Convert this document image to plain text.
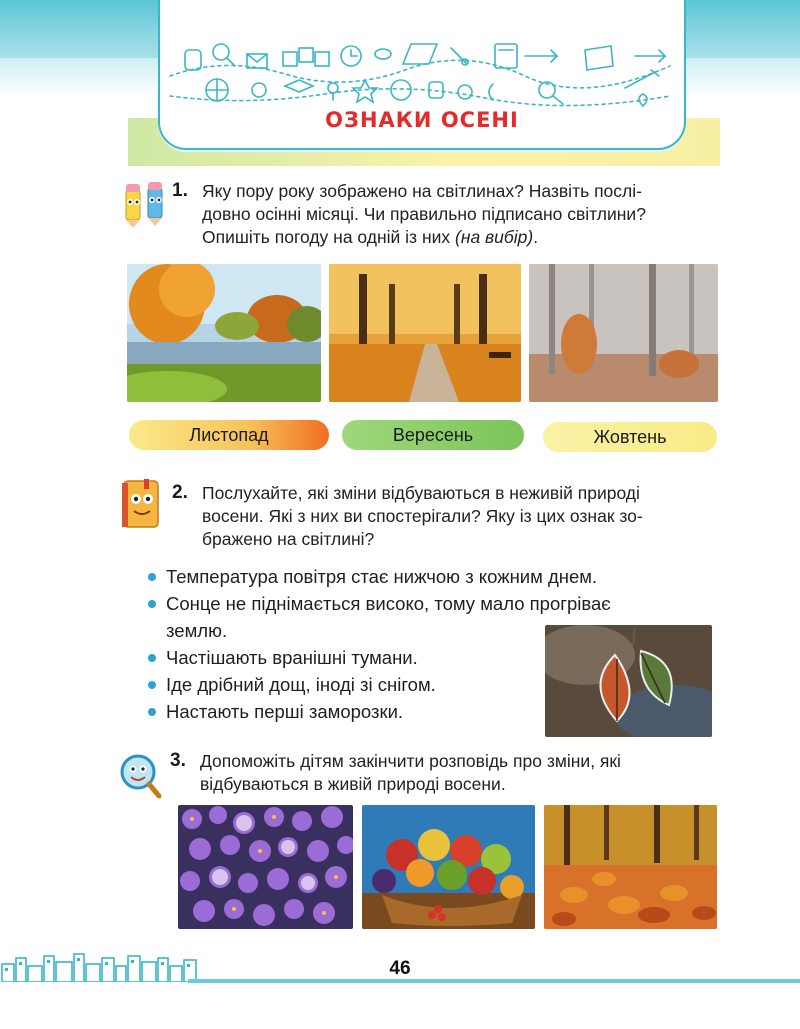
ОЗНАКИ ОСЕНІ
1. Яку пору року зображено на світлинах? Назвіть послі-
довно осінні місяці. Чи правильно підписано світлини?
Опишіть погоду на одній із них (на вибір).
Листопад	Вересень	Жовтень
2. Послухайте, які зміни відбуваються в неживій природі
восени. Які з них ви спостерігали? Яку із цих ознак зо-
бражено на світлині?
Температура повітря стає нижчою з кожним днем.
Сонце не піднімається високо, тому мало прогріває
землю.
Частішають вранішні тумани.
Іде дрібний дощ, іноді зі снігом.
Настають перші заморозки.
3. Допоможіть дітям закінчити розповідь про зміни, які
відбуваються в живій природі восени.
46
